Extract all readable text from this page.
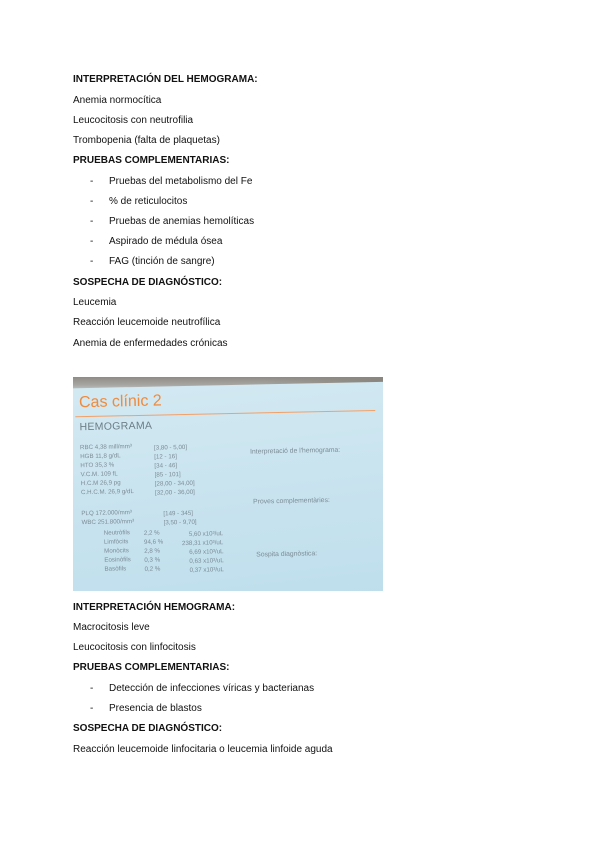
INTERPRETACIÓN DEL HEMOGRAMA:
Anemia normocítica
Leucocitosis con neutrofilia
Trombopenia (falta de plaquetas)
PRUEBAS COMPLEMENTARIAS:
- Pruebas del metabolismo del Fe
- % de reticulocitos
- Pruebas de anemias hemolíticas
- Aspirado de médula ósea
- FAG (tinción de sangre)
SOSPECHA DE DIAGNÓSTICO:
Leucemia
Reacción leucemoide neutrofílica
Anemia de enfermedades crónicas
Cas clínic 2
HEMOGRAMA
RBC 4,38 mill/mm³	[3,80 - 5,00]
HGB 11,8 g/dL	[12 - 16]
HTO 35,3 %	[34 - 46]
V.C.M. 109 fL	[85 - 101]
H.C.M 26,9 pg	[28,00 - 34,00]
C.H.C.M. 26,9 g/dL	[32,00 - 36,00]
PLQ 172.000/mm³	[149 - 345]
WBC 251.800/mm³	[3,50 - 9,70]
Neutròfils 2,2 %	5,60 x10³/uL
Limfòcits 94,6 %	238,31 x10³/uL
Monòcits 2,8 %	6,69 x10³/uL
Eosinòfils 0,3 %	0,63 x10³/uL
Basòfils	0,2 %	0,37 x10³/uL
Interpretació de l'hemograma:
Proves complementàries:
Sospita diagnòstica:
INTERPRETACIÓN HEMOGRAMA:
Macrocitosis leve
Leucocitosis con linfocitosis
PRUEBAS COMPLEMENTARIAS:
- Detección de infecciones víricas y bacterianas
- Presencia de blastos
SOSPECHA DE DIAGNÓSTICO:
Reacción leucemoide linfocitaria o leucemia linfoide aguda
